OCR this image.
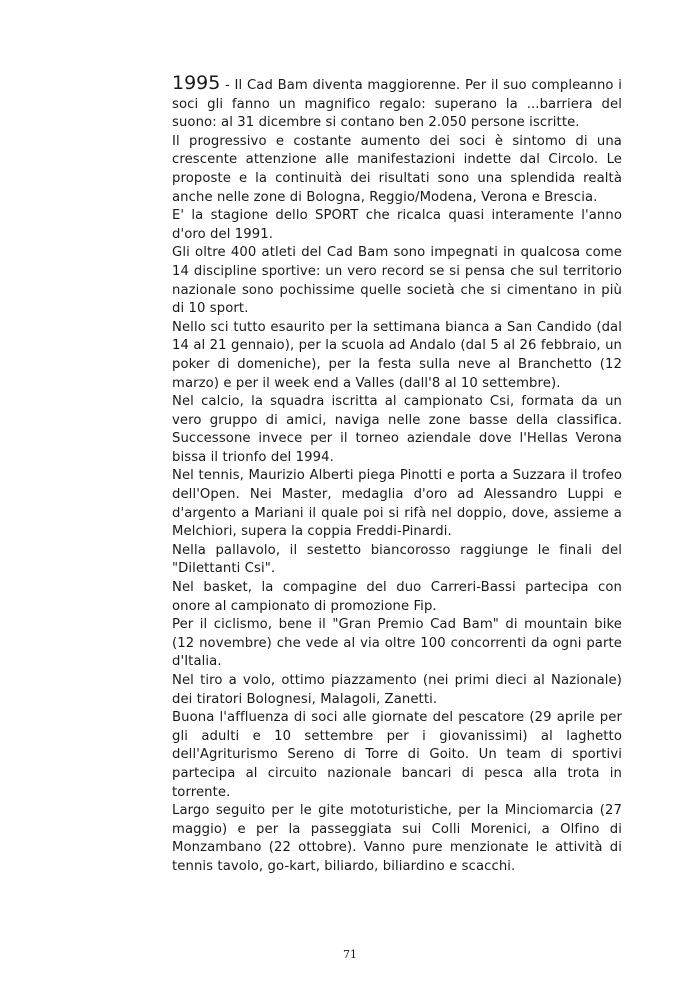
1995 - Il Cad Bam diventa maggiorenne. Per il suo compleanno i soci gli fanno un magnifico regalo: superano la ...barriera del suono: al 31 dicembre si contano ben 2.050 persone iscritte.

Il progressivo e costante aumento dei soci è sintomo di una crescente attenzione alle manifestazioni indette dal Circolo. Le proposte e la continuità dei risultati sono una splendida realtà anche nelle zone di Bologna, Reggio/Modena, Verona e Brescia.

E' la stagione dello SPORT che ricalca quasi interamente l'anno d'oro del 1991.

Gli oltre 400 atleti del Cad Bam sono impegnati in qualcosa come 14 discipline sportive: un vero record se si pensa che sul territorio nazionale sono pochissime quelle società che si cimentano in più di 10 sport.

Nello sci tutto esaurito per la settimana bianca a San Candido (dal 14 al 21 gennaio), per la scuola ad Andalo (dal 5 al 26 febbraio, un poker di domeniche), per la festa sulla neve al Branchetto (12 marzo) e per il week end a Valles (dall'8 al 10 settembre).

Nel calcio, la squadra iscritta al campionato Csi, formata da un vero gruppo di amici, naviga nelle zone basse della classifica. Successone invece per il torneo aziendale dove l'Hellas Verona bissa il trionfo del 1994.

Nel tennis, Maurizio Alberti piega Pinotti e porta a Suzzara il trofeo dell'Open. Nei Master, medaglia d'oro ad Alessandro Luppi e d'argento a Mariani il quale poi si rifà nel doppio, dove, assieme a Melchiori, supera la coppia Freddi-Pinardi.

Nella pallavolo, il sestetto biancorosso raggiunge le finali del "Dilettanti Csi".

Nel basket, la compagine del duo Carreri-Bassi partecipa con onore al campionato di promozione Fip.

Per il ciclismo, bene il "Gran Premio Cad Bam" di mountain bike (12 novembre) che vede al via oltre 100 concorrenti da ogni parte d'Italia.

Nel tiro a volo, ottimo piazzamento (nei primi dieci al Nazionale) dei tiratori Bolognesi, Malagoli, Zanetti.

Buona l'affluenza di soci alle giornate del pescatore (29 aprile per gli adulti e 10 settembre per i giovanissimi) al laghetto dell'Agriturismo Sereno di Torre di Goito. Un team di sportivi partecipa al circuito nazionale bancari di pesca alla trota in torrente.

Largo seguito per le gite mototuristiche, per la Minciomarcia (27 maggio) e per la passeggiata sui Colli Morenici, a Olfino di Monzambano (22 ottobre). Vanno pure menzionate le attività di tennis tavolo, go-kart, biliardo, biliardino e scacchi.

71
